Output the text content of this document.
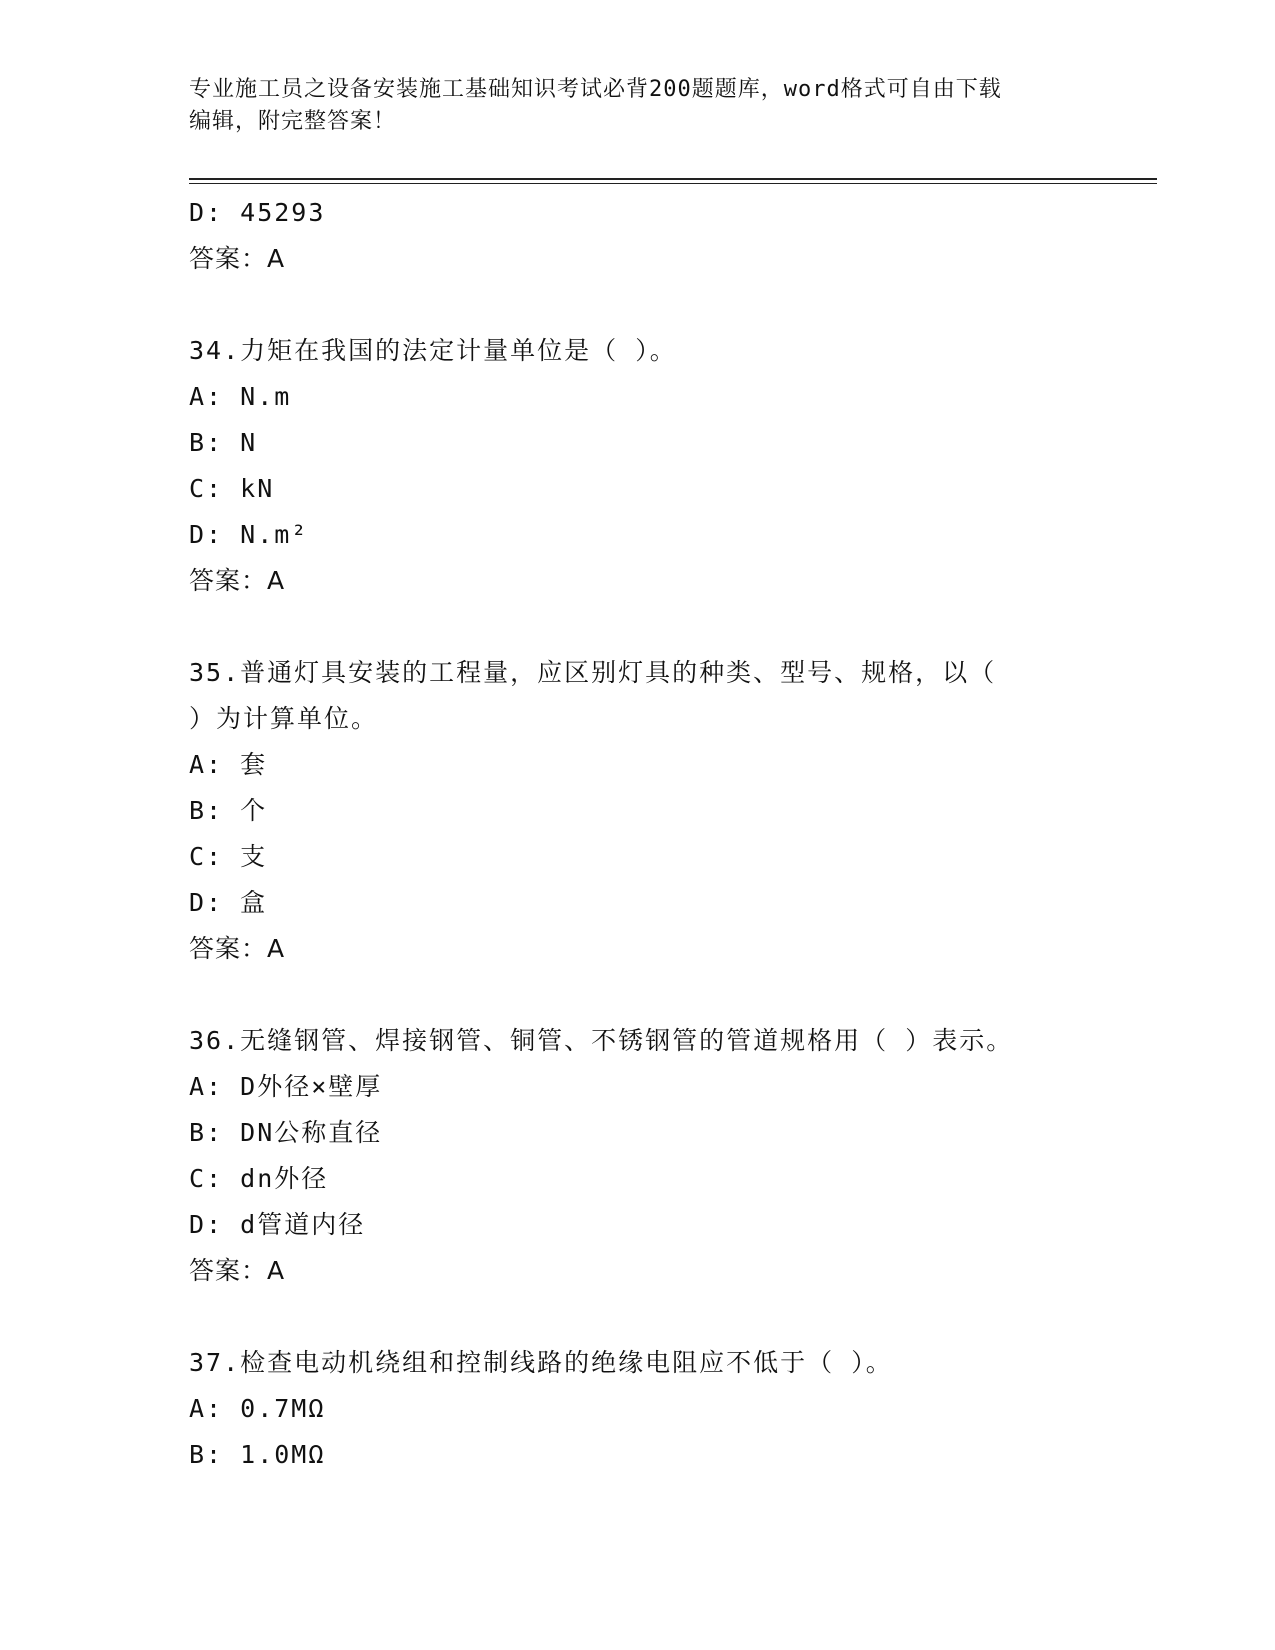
专业施工员之设备安装施工基础知识考试必背200题题库，word格式可自由下载
编辑，附完整答案！
D: 45293
答案：A
34.力矩在我国的法定计量单位是（ ）。
A: N.m
B: N
C: kN
D: N.m²
答案：A
35.普通灯具安装的工程量，应区别灯具的种类、型号、规格，以（
）为计算单位。
A: 套
B: 个
C: 支
D: 盒
答案：A
36.无缝钢管、焊接钢管、铜管、不锈钢管的管道规格用（ ）表示。
A: D外径×壁厚
B: DN公称直径
C: dn外径
D: d管道内径
答案：A
37.检查电动机绕组和控制线路的绝缘电阻应不低于（ ）。
A: 0.7MΩ
B: 1.0MΩ
